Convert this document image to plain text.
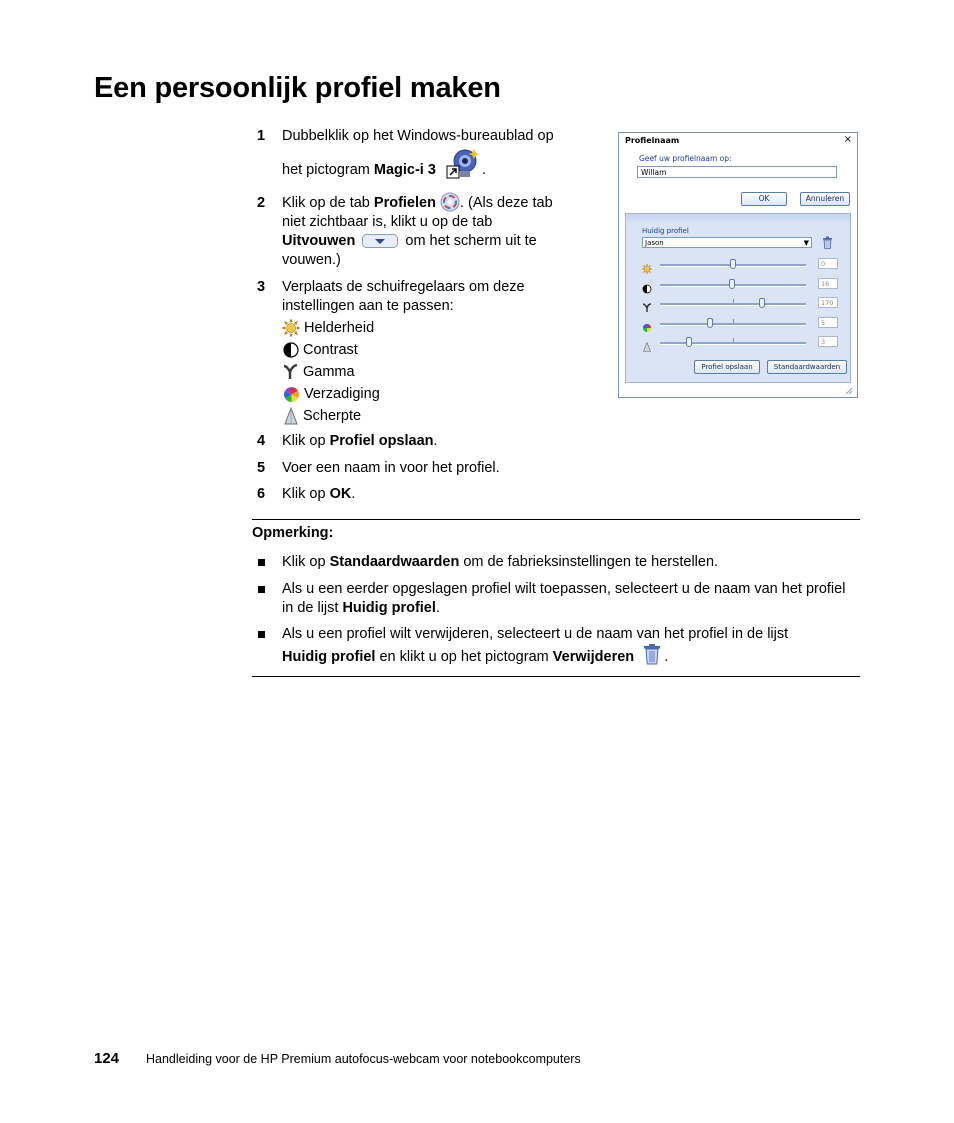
Een persoonlijk profiel maken
1 Dubbelklik op het Windows-bureaublad op
het pictogram Magic-i 3	.
2 Klik op de tab Profielen . (Als deze tab
niet zichtbaar is, klikt u op de tab
Uitvouwen	om het scherm uit te
vouwen.)
3 Verplaats de schuifregelaars om deze
instellingen aan te passen:
Helderheid
Contrast
Gamma
Verzadiging
Scherpte
4 Klik op Profiel opslaan.
5 Voer een naam in voor het profiel.
6 Klik op OK.
Profielnaam	×
Geef uw profielnaam op:
Willam
OK	Annuleren
Huidig profiel
Jason	▼
0
16
170
5
3
Profiel opslaan	Standaardwaarden
Opmerking:
Klik op Standaardwaarden om de fabrieksinstellingen te herstellen.
Als u een eerder opgeslagen profiel wilt toepassen, selecteert u de naam van het profiel in de lijst Huidig profiel.
Als u een profiel wilt verwijderen, selecteert u de naam van het profiel in de lijst
Huidig profiel en klikt u op het pictogram Verwijderen .
124 Handleiding voor de HP Premium autofocus-webcam voor notebookcomputers
